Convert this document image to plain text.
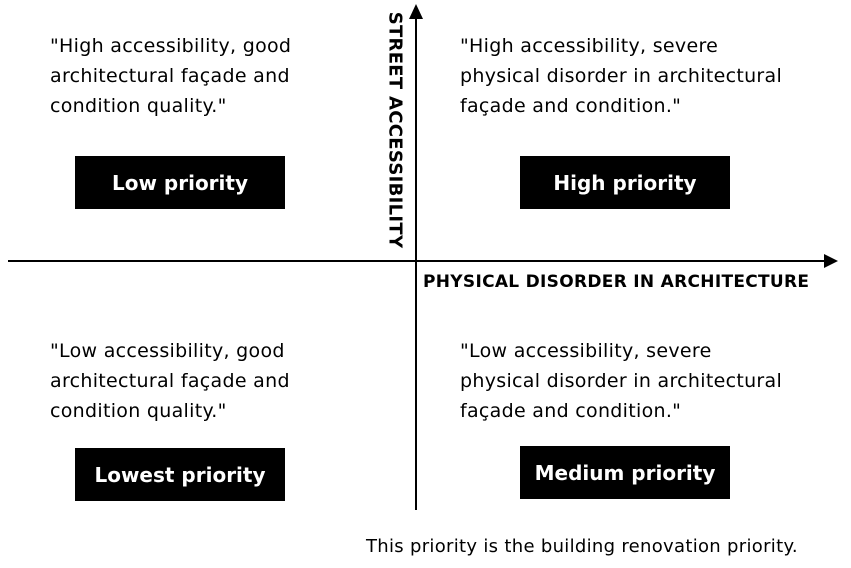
STREET ACCESSIBILITY
PHYSICAL DISORDER IN ARCHITECTURE
"High accessibility, good
architectural façade and
condition quality."
Low priority
"High accessibility, severe
physical disorder in architectural
façade and condition."
High priority
"Low accessibility, good
architectural façade and
condition quality."
Lowest priority
"Low accessibility, severe
physical disorder in architectural
façade and condition."
Medium priority
This priority is the building renovation priority.
